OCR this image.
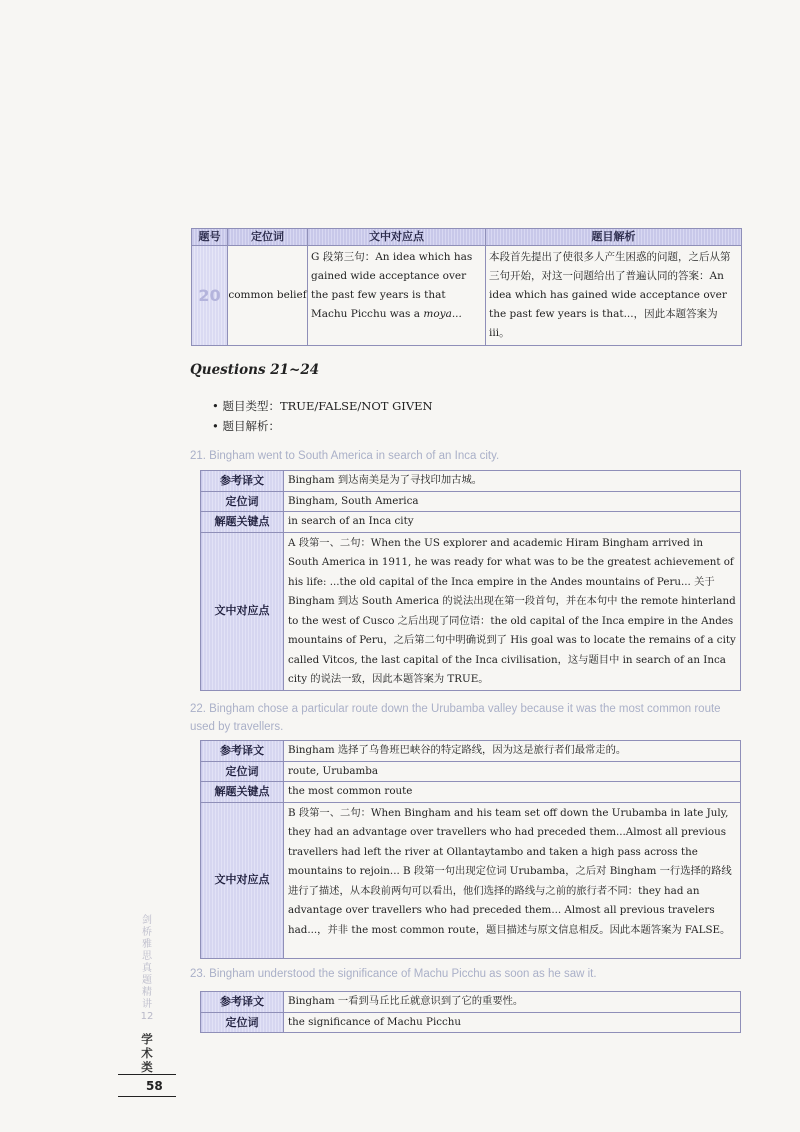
题号	定位词	文中对应点	题目解析
20	common belief	G 段第三句：An idea which has gained wide acceptance over the past few years is that Machu Picchu was a moya...	本段首先提出了使很多人产生困惑的问题，之后从第三句开始，对这一问题给出了普遍认同的答案：An idea which has gained wide acceptance over the past few years is that...，因此本题答案为 iii。
Questions 21~24
• 题目类型：TRUE/FALSE/NOT GIVEN
• 题目解析：
21. Bingham went to South America in search of an Inca city.
参考译文	Bingham 到达南美是为了寻找印加古城。
定位词	Bingham, South America
解题关键点	in search of an Inca city
文中对应点	A 段第一、二句：When the US explorer and academic Hiram Bingham arrived in South America in 1911, he was ready for what was to be the greatest achievement of his life: ...the old capital of the Inca empire in the Andes mountains of Peru... 关于 Bingham 到达 South America 的说法出现在第一段首句，并在本句中 the remote hinterland to the west of Cusco 之后出现了同位语：the old capital of the Inca empire in the Andes mountains of Peru，之后第二句中明确说到了 His goal was to locate the remains of a city called Vitcos, the last capital of the Inca civilisation，这与题目中 in search of an Inca city 的说法一致，因此本题答案为 TRUE。
22. Bingham chose a particular route down the Urubamba valley because it was the most common route used by travellers.
参考译文	Bingham 选择了乌鲁班巴峡谷的特定路线，因为这是旅行者们最常走的。
定位词	route, Urubamba
解题关键点	the most common route
文中对应点	B 段第一、二句：When Bingham and his team set off down the Urubamba in late July, they had an advantage over travellers who had preceded them...Almost all previous travellers had left the river at Ollantaytambo and taken a high pass across the mountains to rejoin... B 段第一句出现定位词 Urubamba，之后对 Bingham 一行选择的路线进行了描述，从本段前两句可以看出，他们选择的路线与之前的旅行者不同：they had an advantage over travellers who had preceded them... Almost all previous travelers had...，并非 the most common route，题目描述与原文信息相反。因此本题答案为 FALSE。
23. Bingham understood the significance of Machu Picchu as soon as he saw it.
参考译文	Bingham 一看到马丘比丘就意识到了它的重要性。
定位词	the significance of Machu Picchu
剑桥雅思真题精讲12
学术类
58
